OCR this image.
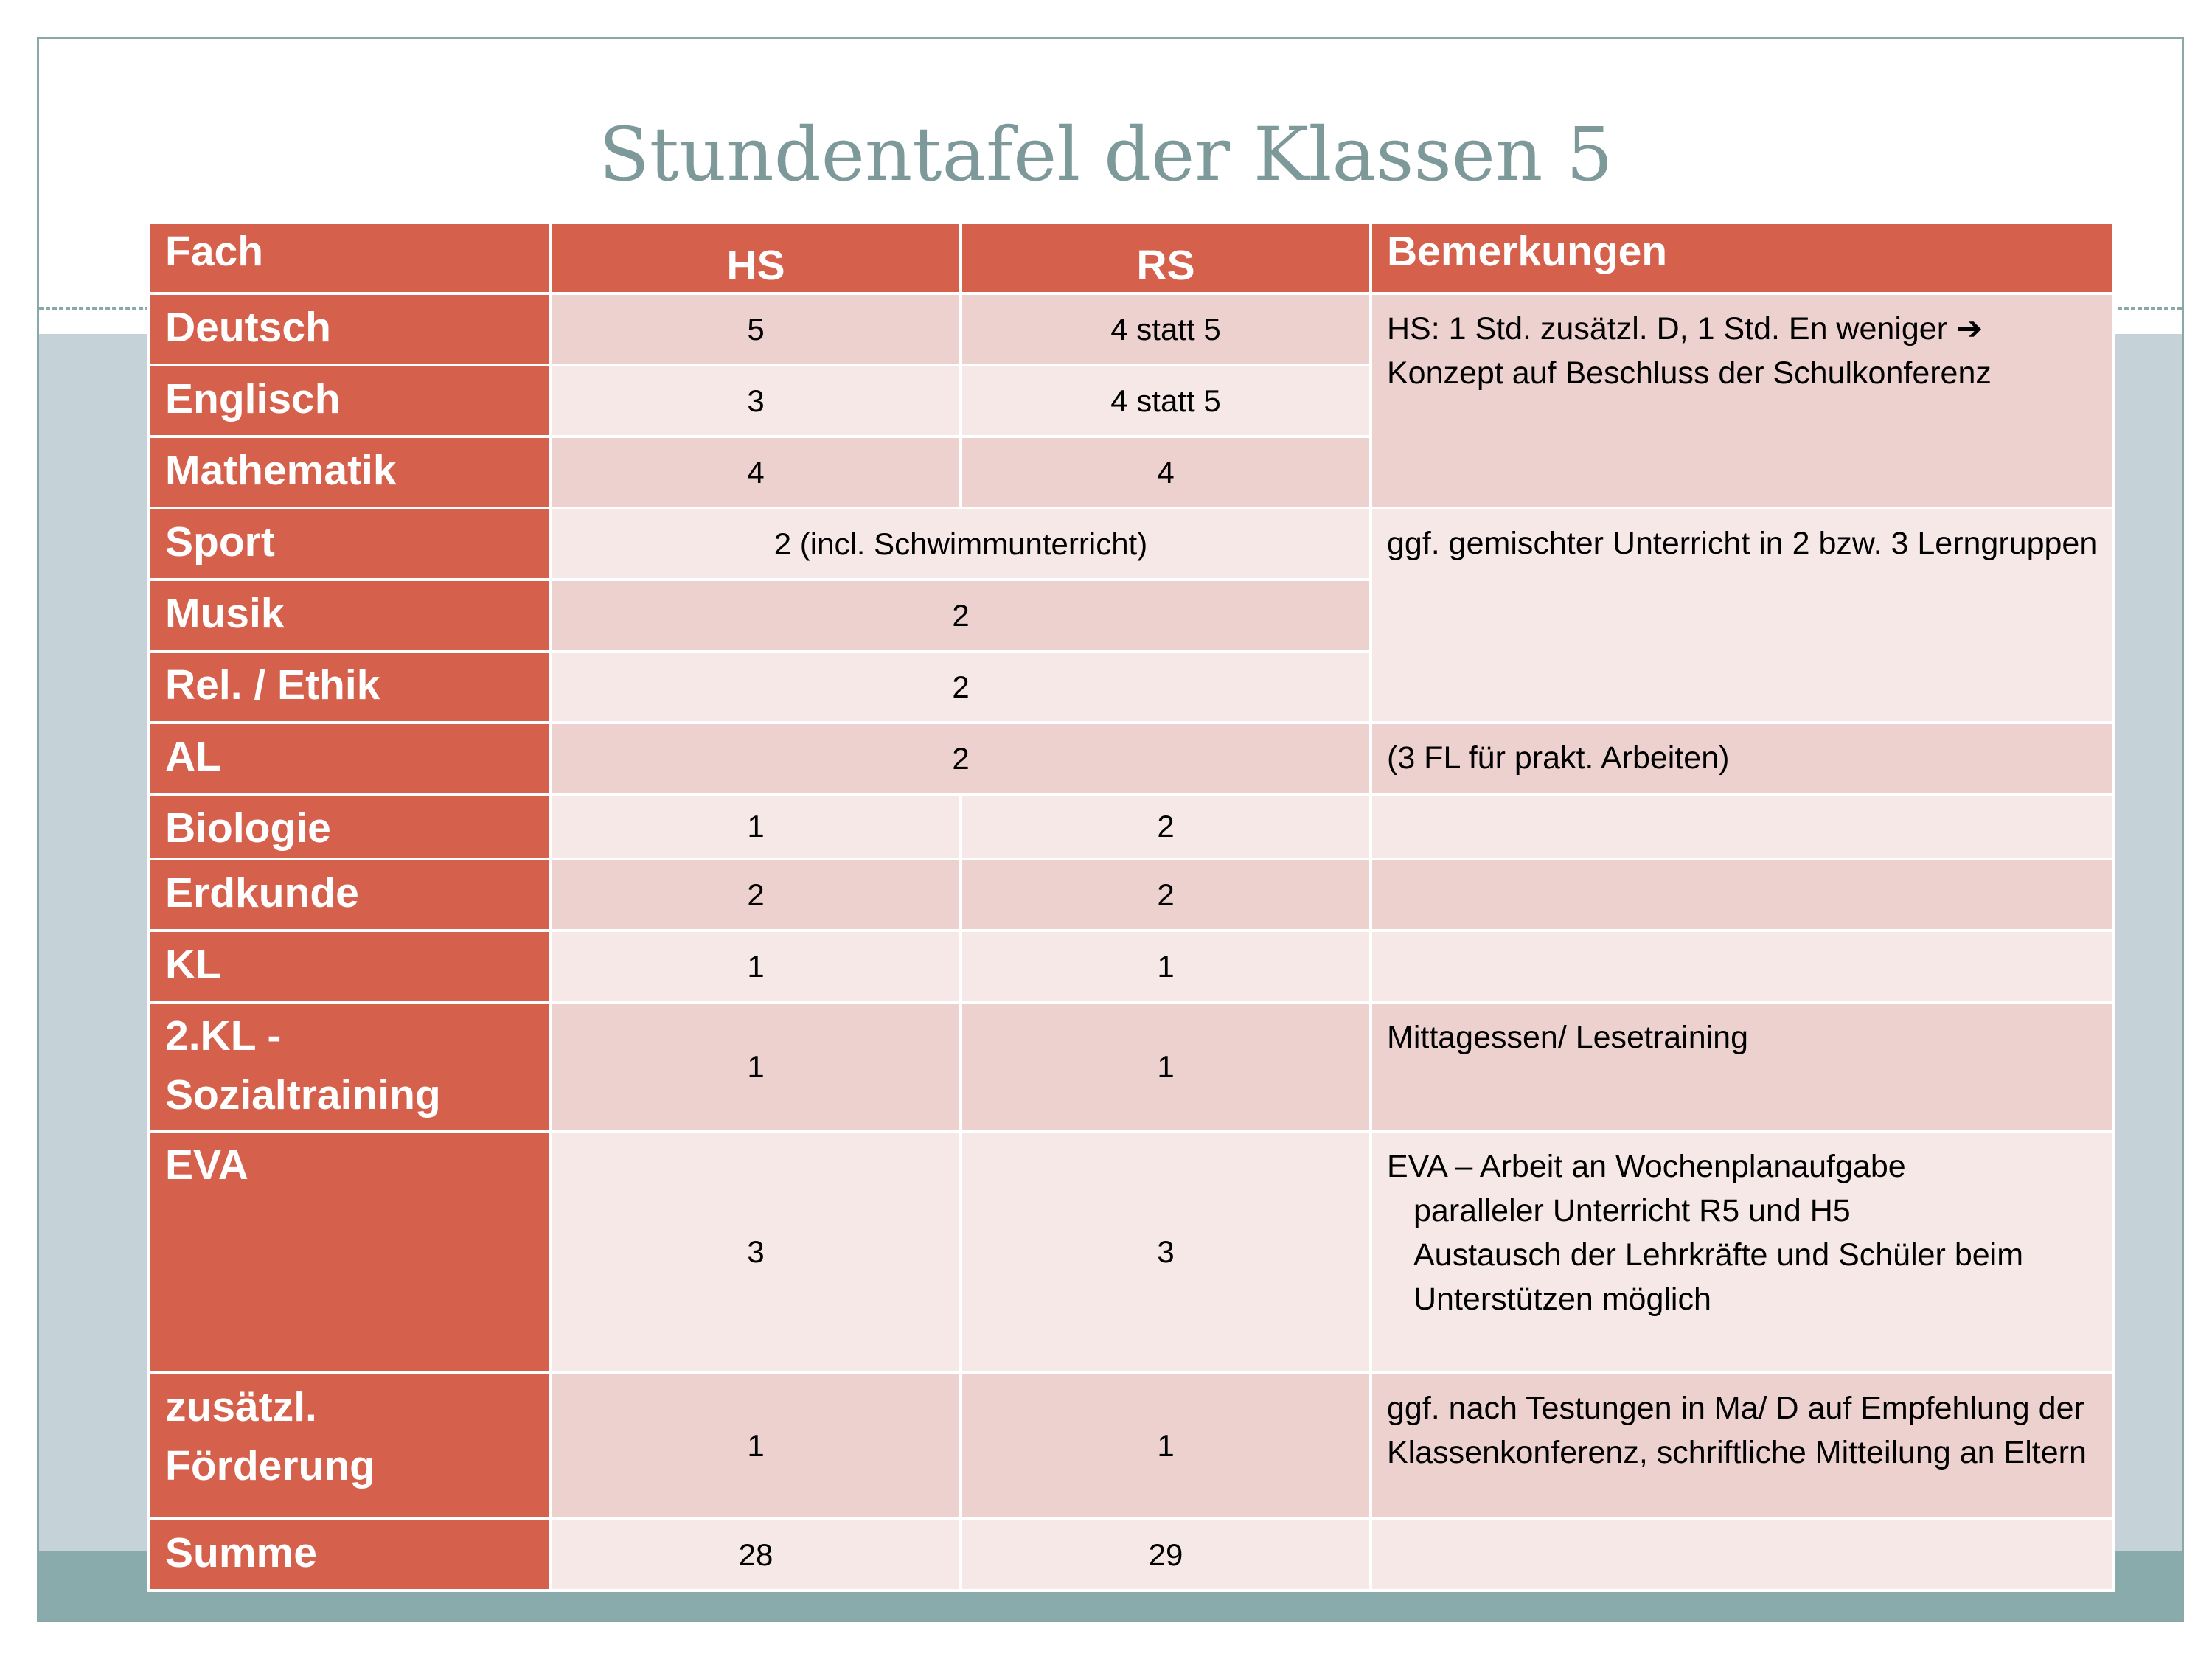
Stundentafel der Klassen 5
Fach	HS	RS	Bemerkungen
Deutsch	5	4 statt 5	HS: 1 Std. zusätzl. D, 1 Std. En weniger ➔
Konzept auf Beschluss der Schulkonferenz

Englisch	3	4 statt 5	
Mathematik	4	4	
Sport	2 (incl. Schwimmunterricht)		ggf. gemischter Unterricht in 2 bzw. 3 Lerngruppen
Musik	2		
Rel. / Ethik	2		
AL	2		(3 FL für prakt. Arbeiten)
Biologie	1	2	
Erdkunde	2	2	
KL	1	1	

2.KL -
Sozialtraining	1	1	Mittagessen/ Lesetraining
EVA	3	3	EVA – Arbeit an Wochenplanaufgabe
paralleler Unterricht R5 und H5
Austausch der Lehrkräfte und Schüler beim
Unterstützen möglich

zusätzl.
Förderung	1	1	ggf. nach Testungen in Ma/ D auf Empfehlung der Klassenkonferenz, schriftliche Mitteilung an Eltern
Summe	28	29	
